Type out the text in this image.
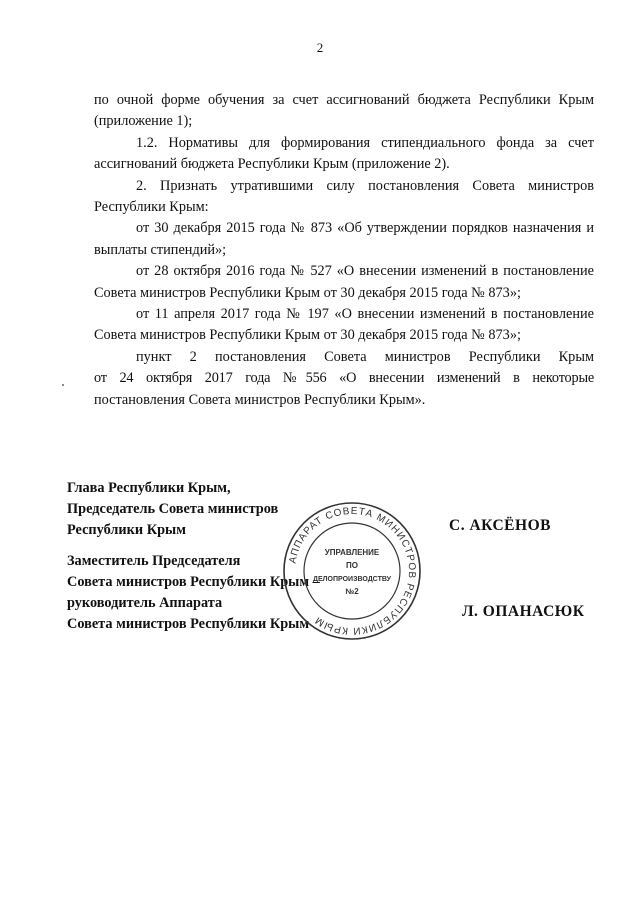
2

по очной форме обучения за счет ассигнований бюджета Республики Крым (приложение 1);

1.2. Нормативы для формирования стипендиального фонда за счет ассигнований бюджета Республики Крым (приложение 2).

2. Признать утратившими силу постановления Совета министров Республики Крым:

от 30 декабря 2015 года № 873 «Об утверждении порядков назначения и выплаты стипендий»;

от 28 октября 2016 года № 527 «О внесении изменений в постановление Совета министров Республики Крым от 30 декабря 2015 года № 873»;

от 11 апреля 2017 года № 197 «О внесении изменений в постановление Совета министров Республики Крым от 30 декабря 2015 года № 873»;

пункт 2 постановления Совета министров Республики Крым

от 24 октября 2017 года №556 «О внесении изменений в некоторые

постановления Совета министров Республики Крым».

Глава Республики Крым,
Председатель Совета министров
Республики Крым	С. АКСЁНОВ
Заместитель Председателя
Совета министров Республики Крым –
руководитель Аппарата
Совета министров Республики Крым
Л. ОПАНАСЮК
АППАРАТ СОВЕТА МИНИСТРОВ РЕСПУБЛИКИ КРЫМ
УПРАВЛЕНИЕ
ПО
ДЕЛОПРОИЗВОДСТВУ
№2
